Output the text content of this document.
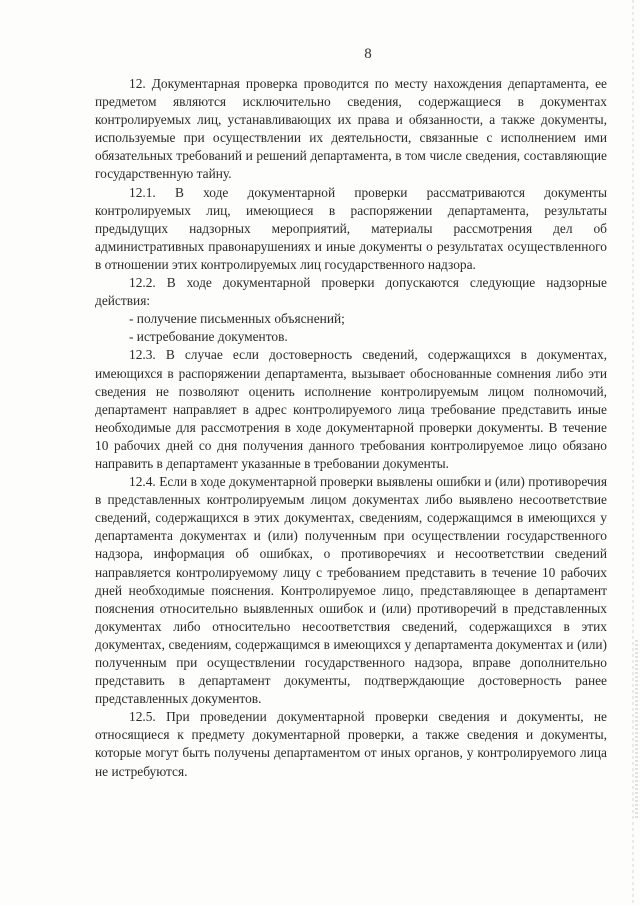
8

12. Документарная проверка проводится по месту нахождения департамента, ее предметом являются исключительно сведения, содержащиеся в документах контролируемых лиц, устанавливающих их права и обязанности, а также документы, используемые при осуществлении их деятельности, связанные с исполнением ими обязательных требований и решений департамента, в том числе сведения, составляющие государственную тайну.

12.1. В ходе документарной проверки рассматриваются документы контролируемых лиц, имеющиеся в распоряжении департамента, результаты предыдущих надзорных мероприятий, материалы рассмотрения дел об административных правонарушениях и иные документы о результатах осуществленного в отношении этих контролируемых лиц государственного надзора.

12.2. В ходе документарной проверки допускаются следующие надзорные действия:

- получение письменных объяснений;

- истребование документов.

12.3. В случае если достоверность сведений, содержащихся в документах, имеющихся в распоряжении департамента, вызывает обоснованные сомнения либо эти сведения не позволяют оценить исполнение контролируемым лицом полномочий, департамент направляет в адрес контролируемого лица требование представить иные необходимые для рассмотрения в ходе документарной проверки документы. В течение 10 рабочих дней со дня получения данного требования контролируемое лицо обязано направить в департамент указанные в требовании документы.

12.4. Если в ходе документарной проверки выявлены ошибки и (или) противоречия в представленных контролируемым лицом документах либо выявлено несоответствие сведений, содержащихся в этих документах, сведениям, содержащимся в имеющихся у департамента документах и (или) полученным при осуществлении государственного надзора, информация об ошибках, о противоречиях и несоответствии сведений направляется контролируемому лицу с требованием представить в течение 10 рабочих дней необходимые пояснения. Контролируемое лицо, представляющее в департамент пояснения относительно выявленных ошибок и (или) противоречий в представленных документах либо относительно несоответствия сведений, содержащихся в этих документах, сведениям, содержащимся в имеющихся у департамента документах и (или) полученным при осуществлении государственного надзора, вправе дополнительно представить в департамент документы, подтверждающие достоверность ранее представленных документов.

12.5. При проведении документарной проверки сведения и документы, не относящиеся к предмету документарной проверки, а также сведения и документы, которые могут быть получены департаментом от иных органов, у контролируемого лица не истребуются.
